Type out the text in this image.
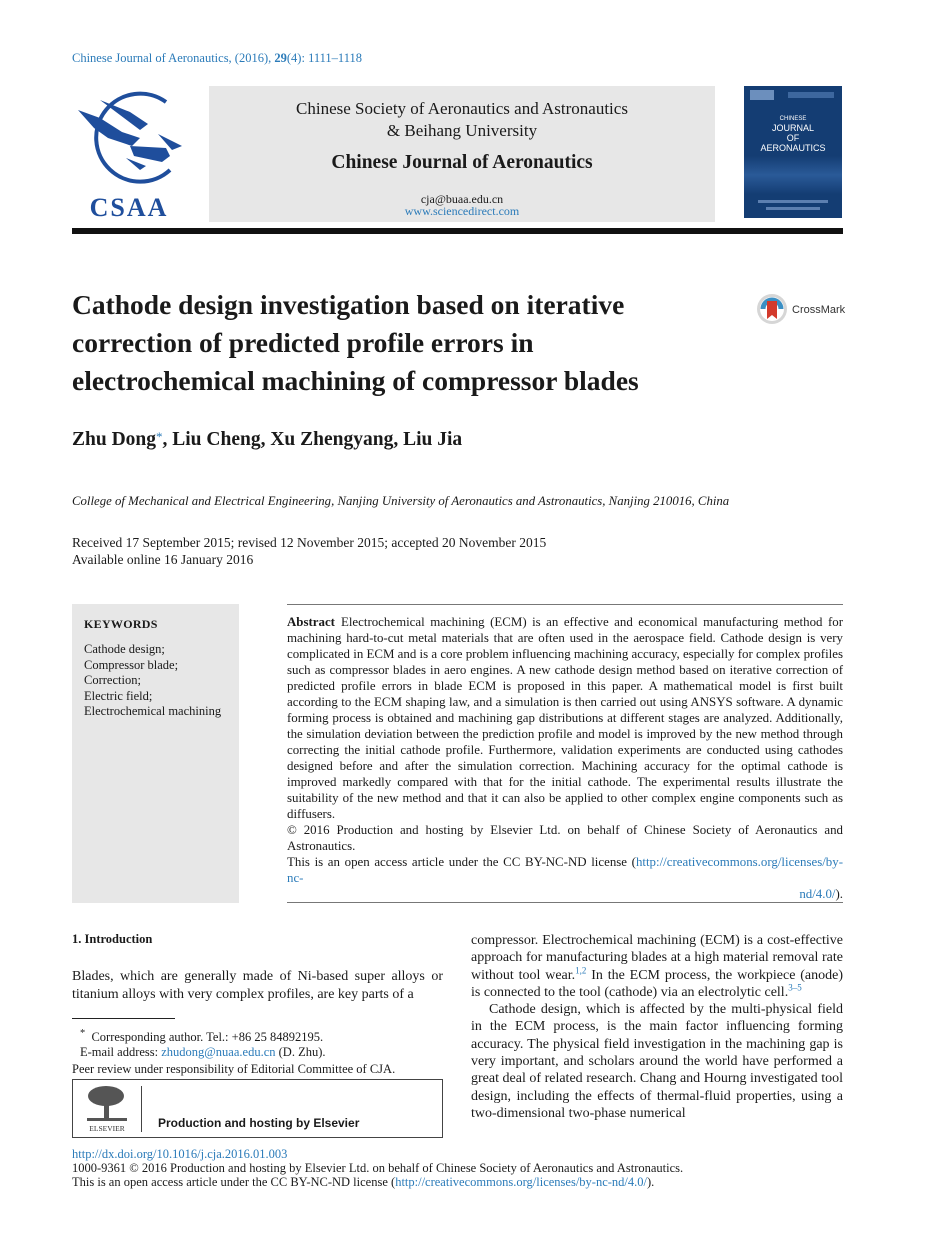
Chinese Journal of Aeronautics, (2016), 29(4): 1111–1118
CSAA
Chinese Society of Aeronautics and Astronautics
& Beihang University
Chinese Journal of Aeronautics
cja@buaa.edu.cn
www.sciencedirect.com
CHINESE
JOURNAL
OF
AERONAUTICS
Cathode design investigation based on iterative
correction of predicted profile errors in
electrochemical machining of compressor blades
CrossMark
Zhu Dong*, Liu Cheng, Xu Zhengyang, Liu Jia
College of Mechanical and Electrical Engineering, Nanjing University of Aeronautics and Astronautics, Nanjing 210016, China
Received 17 September 2015; revised 12 November 2015; accepted 20 November 2015
Available online 16 January 2016
KEYWORDS
Cathode design;
Compressor blade;
Correction;
Electric field;
Electrochemical machining

Abstract Electrochemical machining (ECM) is an effective and economical manufacturing method for machining hard-to-cut metal materials that are often used in the aerospace field. Cathode design is very complicated in ECM and is a core problem influencing machining accuracy, especially for complex profiles such as compressor blades in aero engines. A new cathode design method based on iterative correction of predicted profile errors in blade ECM is proposed in this paper. A mathematical model is first built according to the ECM shaping law, and a simulation is then carried out using ANSYS software. A dynamic forming process is obtained and machining gap distributions at different stages are analyzed. Additionally, the simulation deviation between the prediction profile and model is improved by the new method through correcting the initial cathode profile. Furthermore, validation experiments are conducted using cathodes designed before and after the simulation correction. Machining accuracy for the optimal cathode is improved markedly compared with that for the initial cathode. The experimental results illustrate the suitability of the new method and that it can also be applied to other complex engine components such as diffusers.

© 2016 Production and hosting by Elsevier Ltd. on behalf of Chinese Society of Aeronautics and Astronautics.

This is an open access article under the CC BY-NC-ND license (http://creativecommons.org/licenses/by-nc-

nd/4.0/).

1. Introduction
Blades, which are generally made of Ni-based super alloys or titanium alloys with very complex profiles, are key parts of a
* Corresponding author. Tel.: +86 25 84892195.
E-mail address: zhudong@nuaa.edu.cn (D. Zhu).
Peer review under responsibility of Editorial Committee of CJA.
ELSEVIER	Production and hosting by Elsevier

compressor. Electrochemical machining (ECM) is a cost-effective approach for manufacturing blades at a high material removal rate without tool wear.$^{1,2}$ In the ECM process, the workpiece (anode) is connected to the tool (cathode) via an electrolytic cell.$^{3-5}$

Cathode design, which is affected by the multi-physical field in the ECM process, is the main factor influencing forming accuracy. The physical field investigation in the machining gap is very important, and scholars around the world have performed a great deal of related research. Chang and Hourng investigated tool design, including the effects of thermal-fluid properties, using a two-dimensional two-phase numerical

http://dx.doi.org/10.1016/j.cja.2016.01.003
1000-9361 © 2016 Production and hosting by Elsevier Ltd. on behalf of Chinese Society of Aeronautics and Astronautics.
This is an open access article under the CC BY-NC-ND license (http://creativecommons.org/licenses/by-nc-nd/4.0/).
